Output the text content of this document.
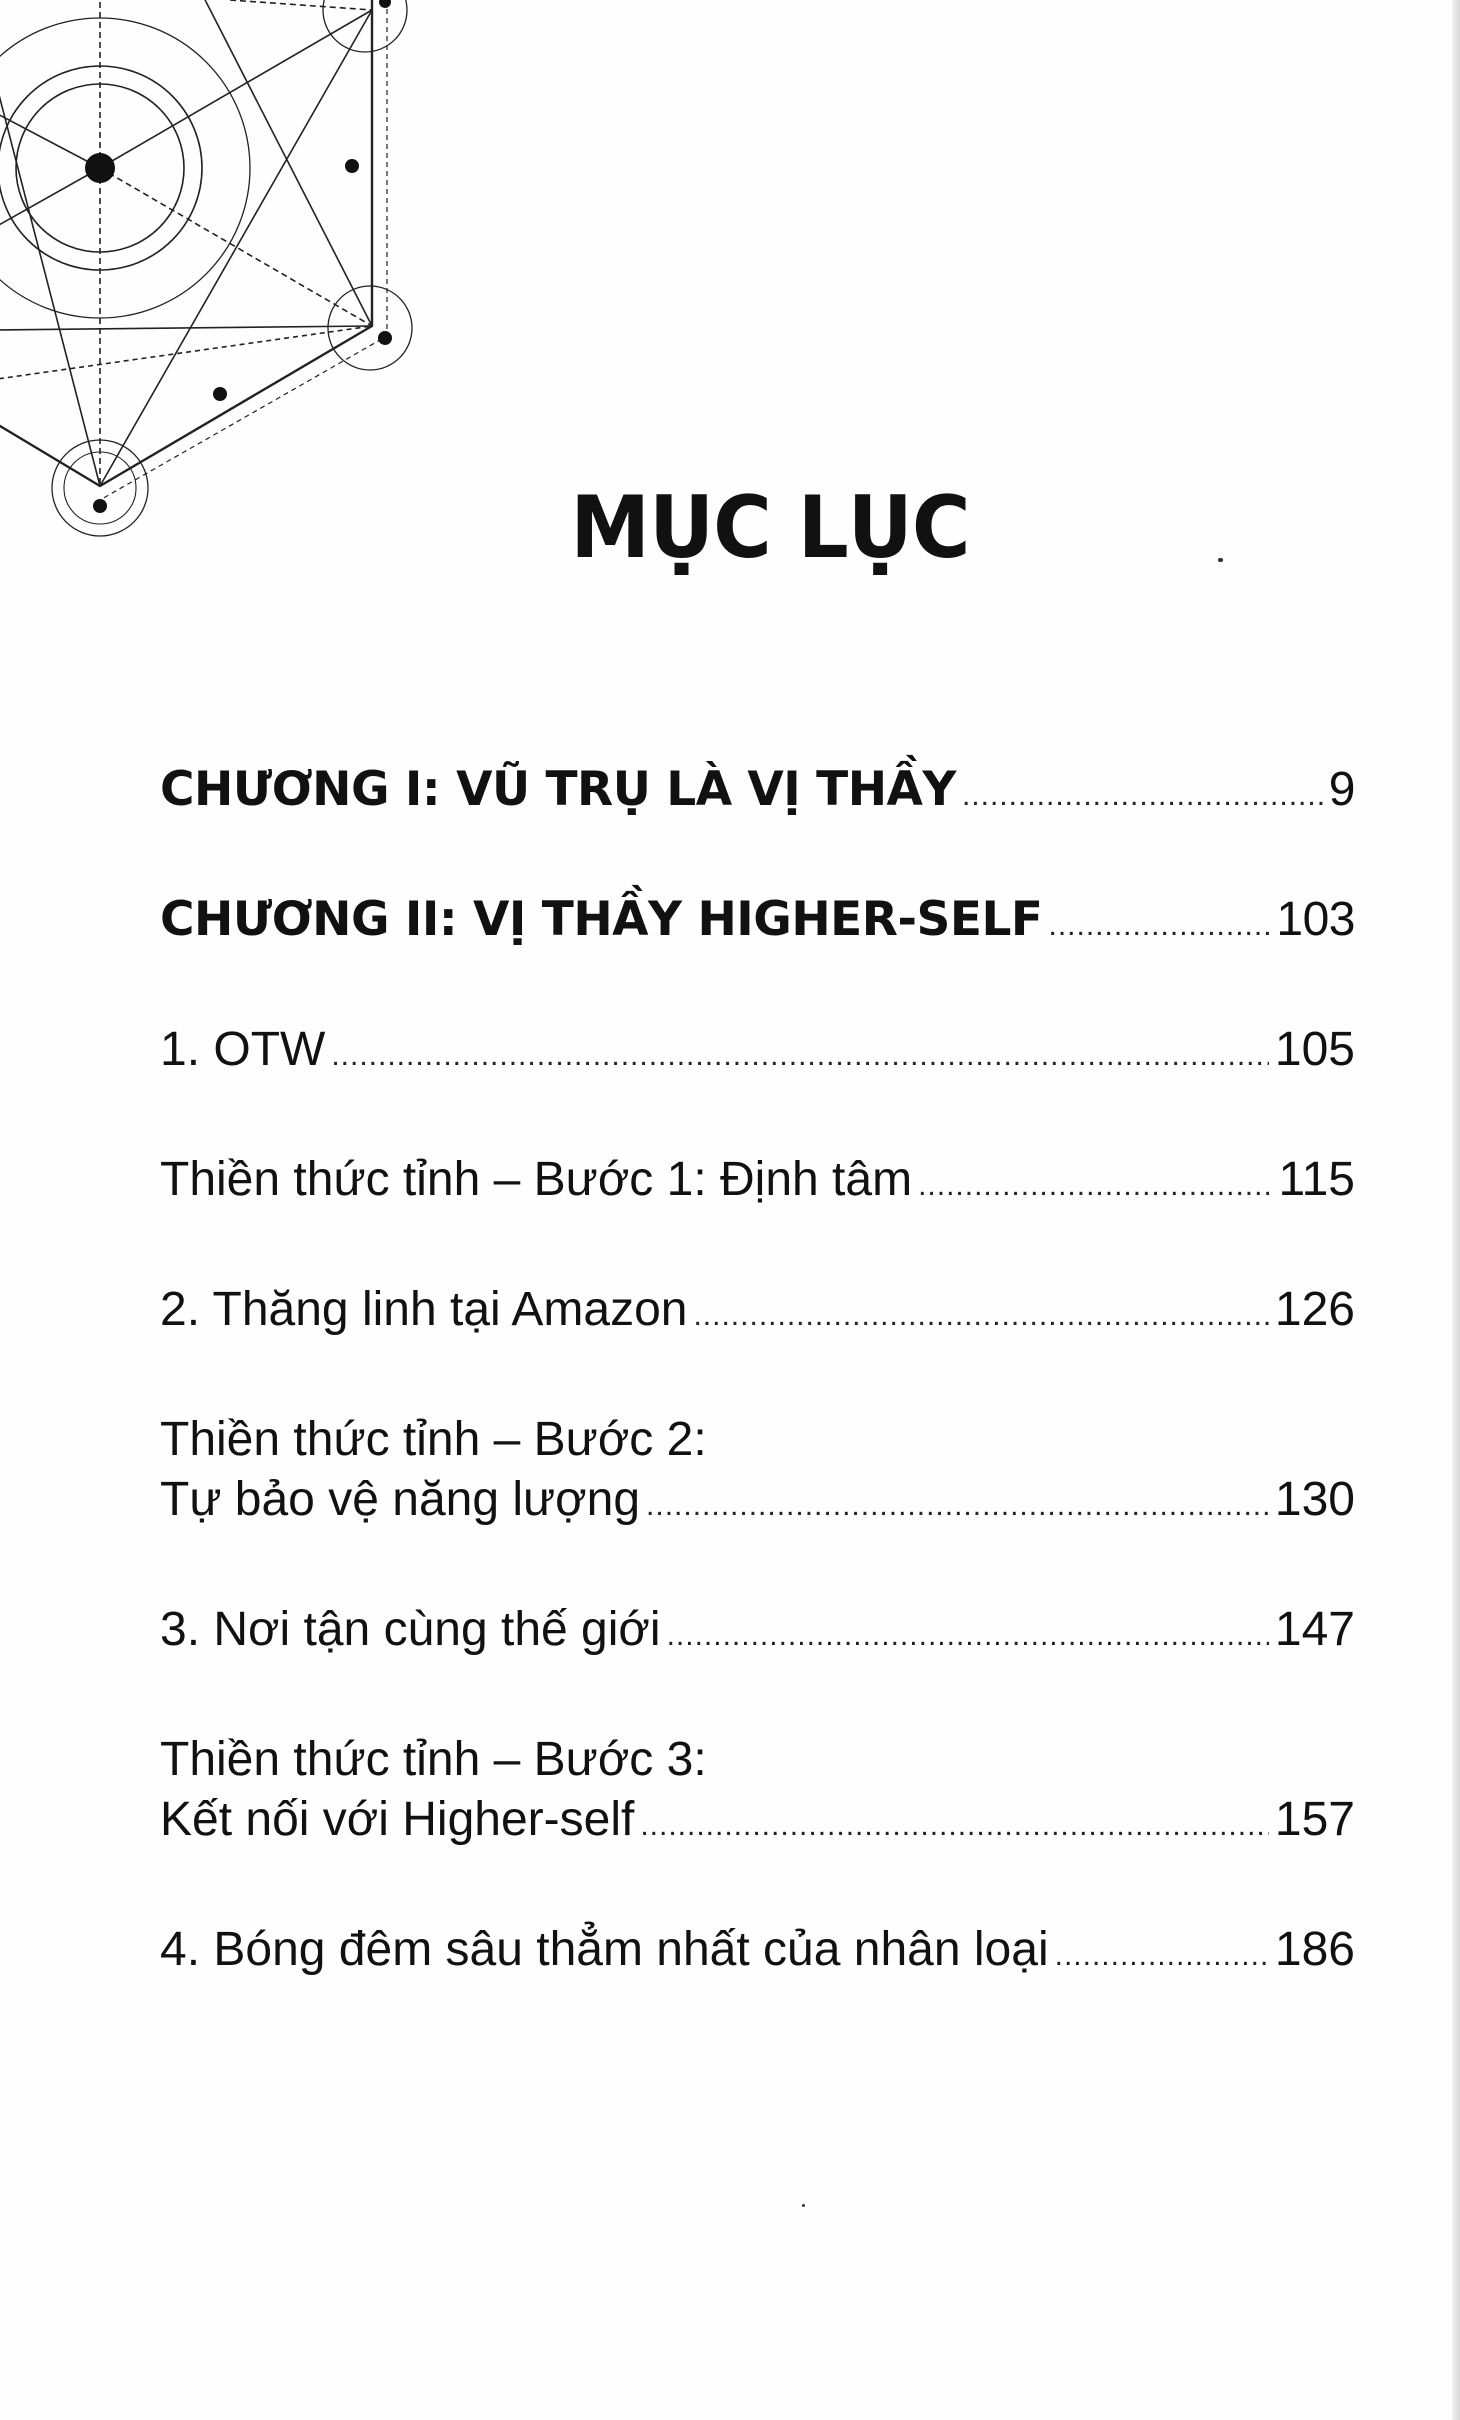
MỤC LỤC
CHƯƠNG I: VŨ TRỤ LÀ VỊ THẦY .....	9
CHƯƠNG II: VỊ THẦY HIGHER-SELF .....	103
1. OTW .....	105
Thiền thức tỉnh – Bước 1: Định tâm .....	115
2. Thăng linh tại Amazon .....	126
Thiền thức tỉnh – Bước 2:
Tự bảo vệ năng lượng .....	130
3. Nơi tận cùng thế giới .....	147
Thiền thức tỉnh – Bước 3:
Kết nối với Higher-self .....	157
4. Bóng đêm sâu thẳm nhất của nhân loại .....	186
